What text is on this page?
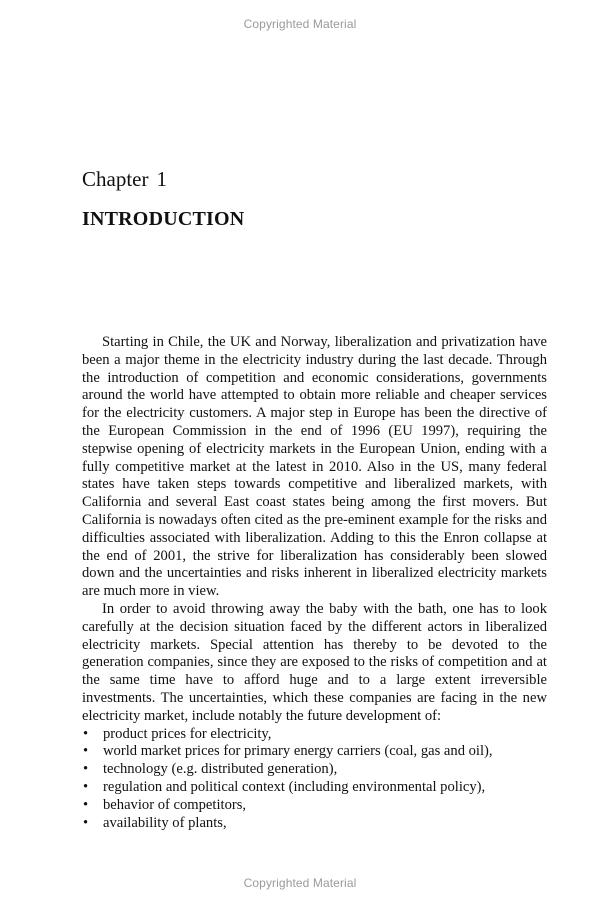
Copyrighted Material
Chapter 1
INTRODUCTION

Starting in Chile, the UK and Norway, liberalization and privatization have been a major theme in the electricity industry during the last decade. Through the introduction of competition and economic considerations, governments around the world have attempted to obtain more reliable and cheaper services for the electricity customers. A major step in Europe has been the directive of the European Commission in the end of 1996 (EU 1997), requiring the stepwise opening of electricity markets in the European Union, ending with a fully competitive market at the latest in 2010. Also in the US, many federal states have taken steps towards competitive and liberalized markets, with California and several East coast states being among the first movers. But California is nowadays often cited as the pre-eminent example for the risks and difficulties associated with liberalization. Adding to this the Enron collapse at the end of 2001, the strive for liberalization has considerably been slowed down and the uncertainties and risks inherent in liberalized electricity markets are much more in view.

In order to avoid throwing away the baby with the bath, one has to look carefully at the decision situation faced by the different actors in liberalized electricity markets. Special attention has thereby to be devoted to the generation companies, since they are exposed to the risks of competition and at the same time have to afford huge and to a large extent irreversible investments. The uncertainties, which these companies are facing in the new electricity market, include notably the future development of:

• product prices for electricity,
• world market prices for primary energy carriers (coal, gas and oil),
• technology (e.g. distributed generation),
• regulation and political context (including environmental policy),
• behavior of competitors,
• availability of plants,
Copyrighted Material
